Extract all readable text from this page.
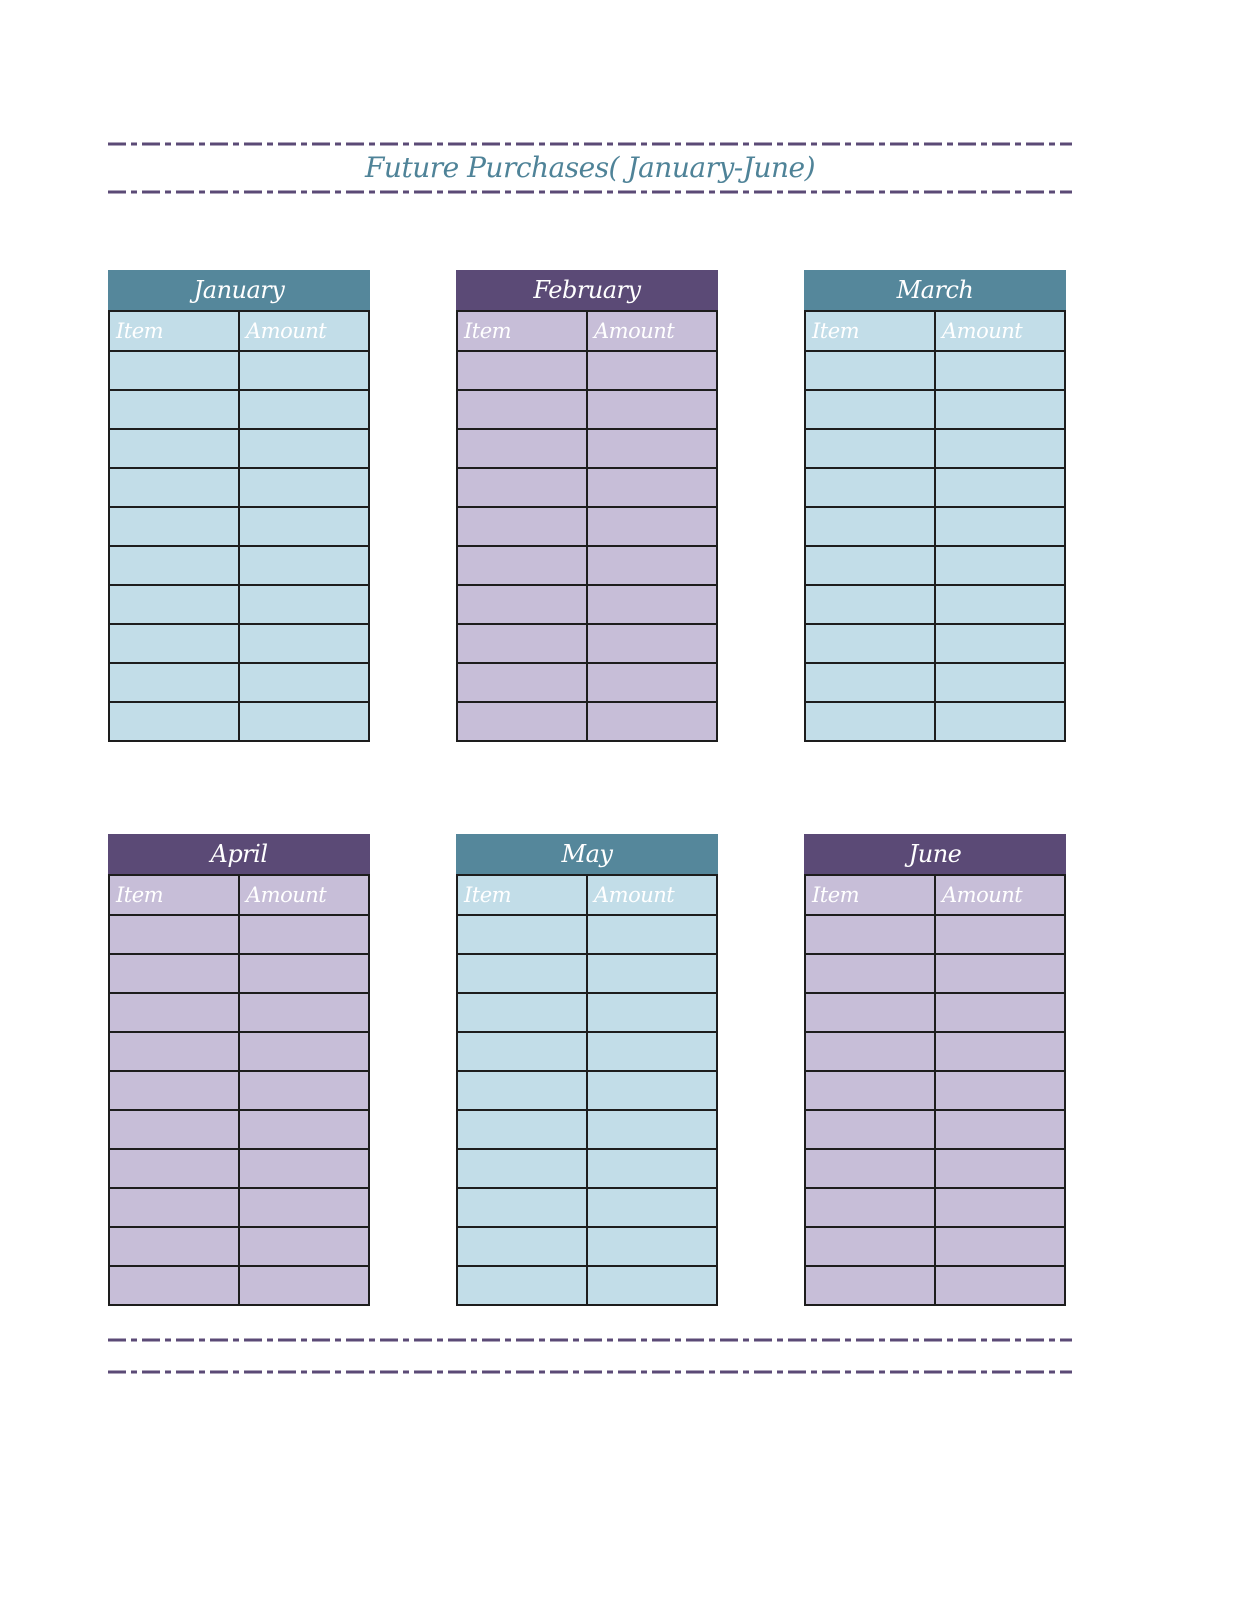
Future Purchases( January-June)
January
Item	Amount

February
Item	Amount

March
Item	Amount

April
Item	Amount

May
Item	Amount

June
Item	Amount
